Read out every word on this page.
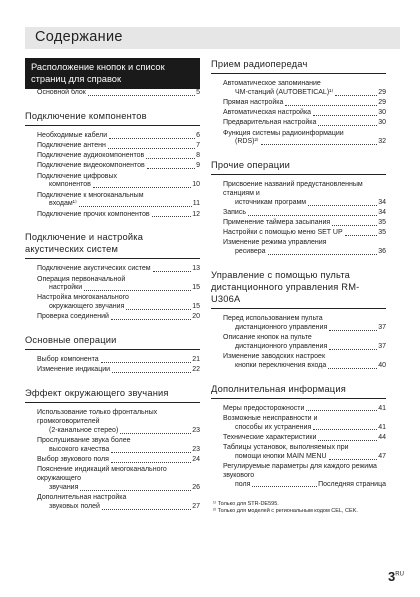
Содержание
Расположение кнопок и список страниц для справок
Основной блок	5
Подключение компонентов
Необходимые кабели	6
Подключение антенн	7
Подключение аудиокомпонентов	8
Подключение видеокомпонентов	9
Подключение цифровых
компонентов	10
Подключение к многоканальным
входам¹⁾	11
Подключение прочих компонентов	12
Подключение и настройка акустических систем
Подключение акустических систем	13
Операция первоначальной
настройки	15
Настройка многоканального
окружающего звучания	15
Проверка соединений	20
Основные операции
Выбор компонента	21
Изменение индикации	22
Эффект окружающего звучания
Использование только фронтальных громкоговорителей
(2-канальное стерео)	23
Прослушивание звука более
высокого качества	23
Выбор звукового поля	24
Пояснение индикаций многоканального окружающего
звучания	26
Дополнительная настройка
звуковых полей	27
Прием радиопередач
Автоматическое запоминание
ЧМ-станций (AUTOBETICAL)¹⁾	29
Прямая настройка	29
Автоматическая настройка	30
Предварительная настройка	30
Функция системы радиоинформации
(RDS)²⁾	32
Прочие операции
Присвоение названий предустановленным станциям и
источникам программ	34
Запись	34
Применение таймера засыпания	35
Настройки с помощью меню SET UP	35
Изменение режима управления
ресивера	36
Управление с помощью пульта дистанционного управления RM-U306A
Перед использованием пульта
дистанционного управления	37
Описание кнопок на пульте
дистанционного управления	37
Изменение заводских настроек
кнопки переключения входа	40
Дополнительная информация
Меры предосторожности	41
Возможные неисправности и
способы их устранения	41
Технические характеристики	44
Таблицы установок, выполняемых при
помощи кнопки MAIN MENU	47
Регулируемые параметры для каждого режима звукового
поля	Последняя страница
¹⁾ Только для STR-DE595.
²⁾ Только для моделей с региональным кодом CEL, CEK.
$3^{RU}$
